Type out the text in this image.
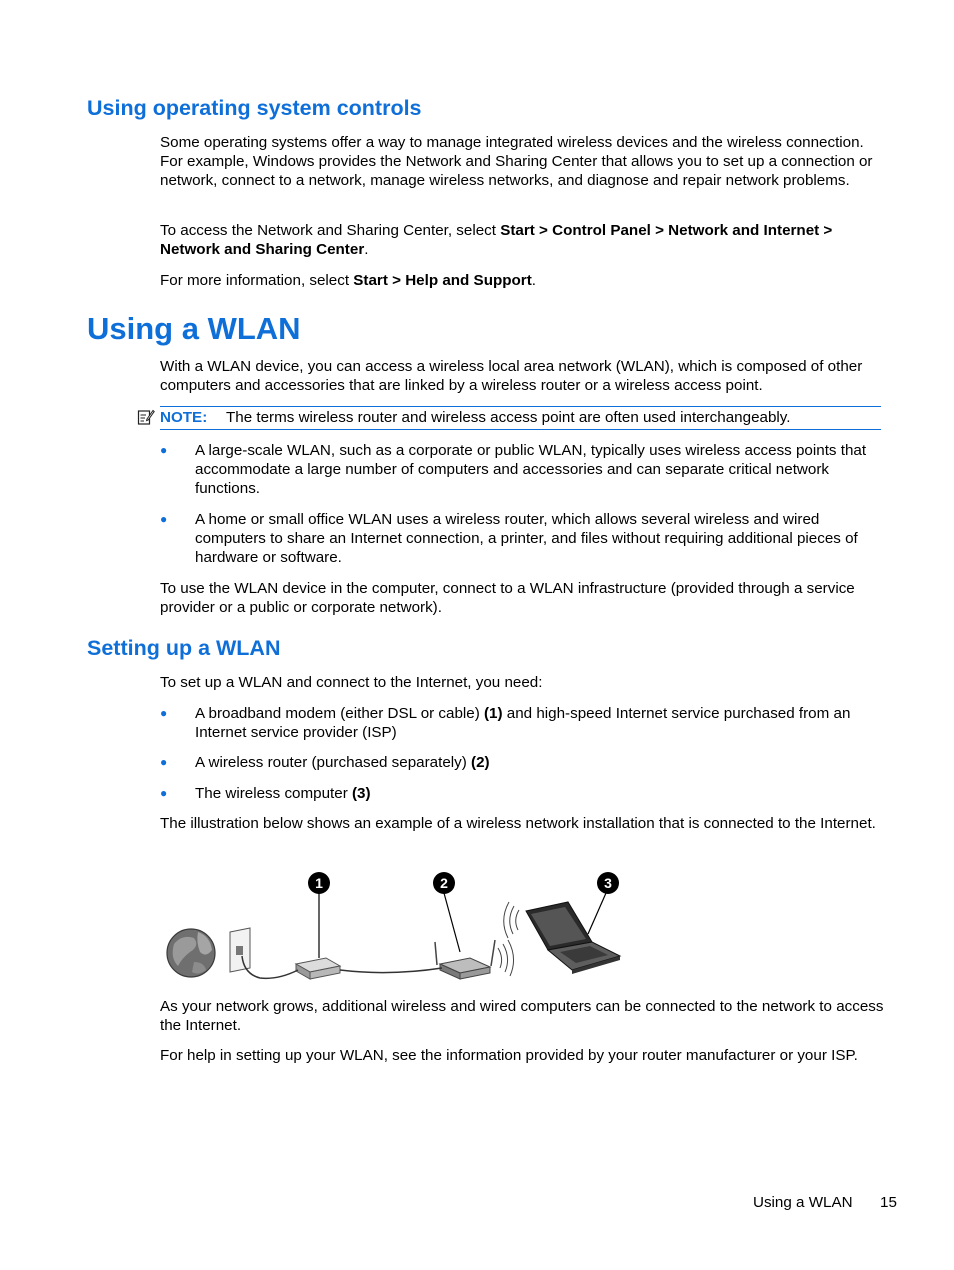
Using operating system controls

Some operating systems offer a way to manage integrated wireless devices and the wireless connection. For example, Windows provides the Network and Sharing Center that allows you to set up a connection or network, connect to a network, manage wireless networks, and diagnose and repair network problems.

To access the Network and Sharing Center, select Start > Control Panel > Network and Internet > Network and Sharing Center.

For more information, select Start > Help and Support.

Using a WLAN

With a WLAN device, you can access a wireless local area network (WLAN), which is composed of other computers and accessories that are linked by a wireless router or a wireless access point.

NOTE: The terms wireless router and wireless access point are often used interchangeably.
●	A large-scale WLAN, such as a corporate or public WLAN, typically uses wireless access points that accommodate a large number of computers and accessories and can separate critical network functions.
●	A home or small office WLAN uses a wireless router, which allows several wireless and wired computers to share an Internet connection, a printer, and files without requiring additional pieces of hardware or software.

To use the WLAN device in the computer, connect to a WLAN infrastructure (provided through a service provider or a public or corporate network).

Setting up a WLAN

To set up a WLAN and connect to the Internet, you need:

●	A broadband modem (either DSL or cable) (1) and high-speed Internet service purchased from an Internet service provider (ISP)
●	A wireless router (purchased separately) (2)
●	The wireless computer (3)

The illustration below shows an example of a wireless network installation that is connected to the Internet.

1	2	3

As your network grows, additional wireless and wired computers can be connected to the network to access the Internet.

For help in setting up your WLAN, see the information provided by your router manufacturer or your ISP.

Using a WLAN 15
